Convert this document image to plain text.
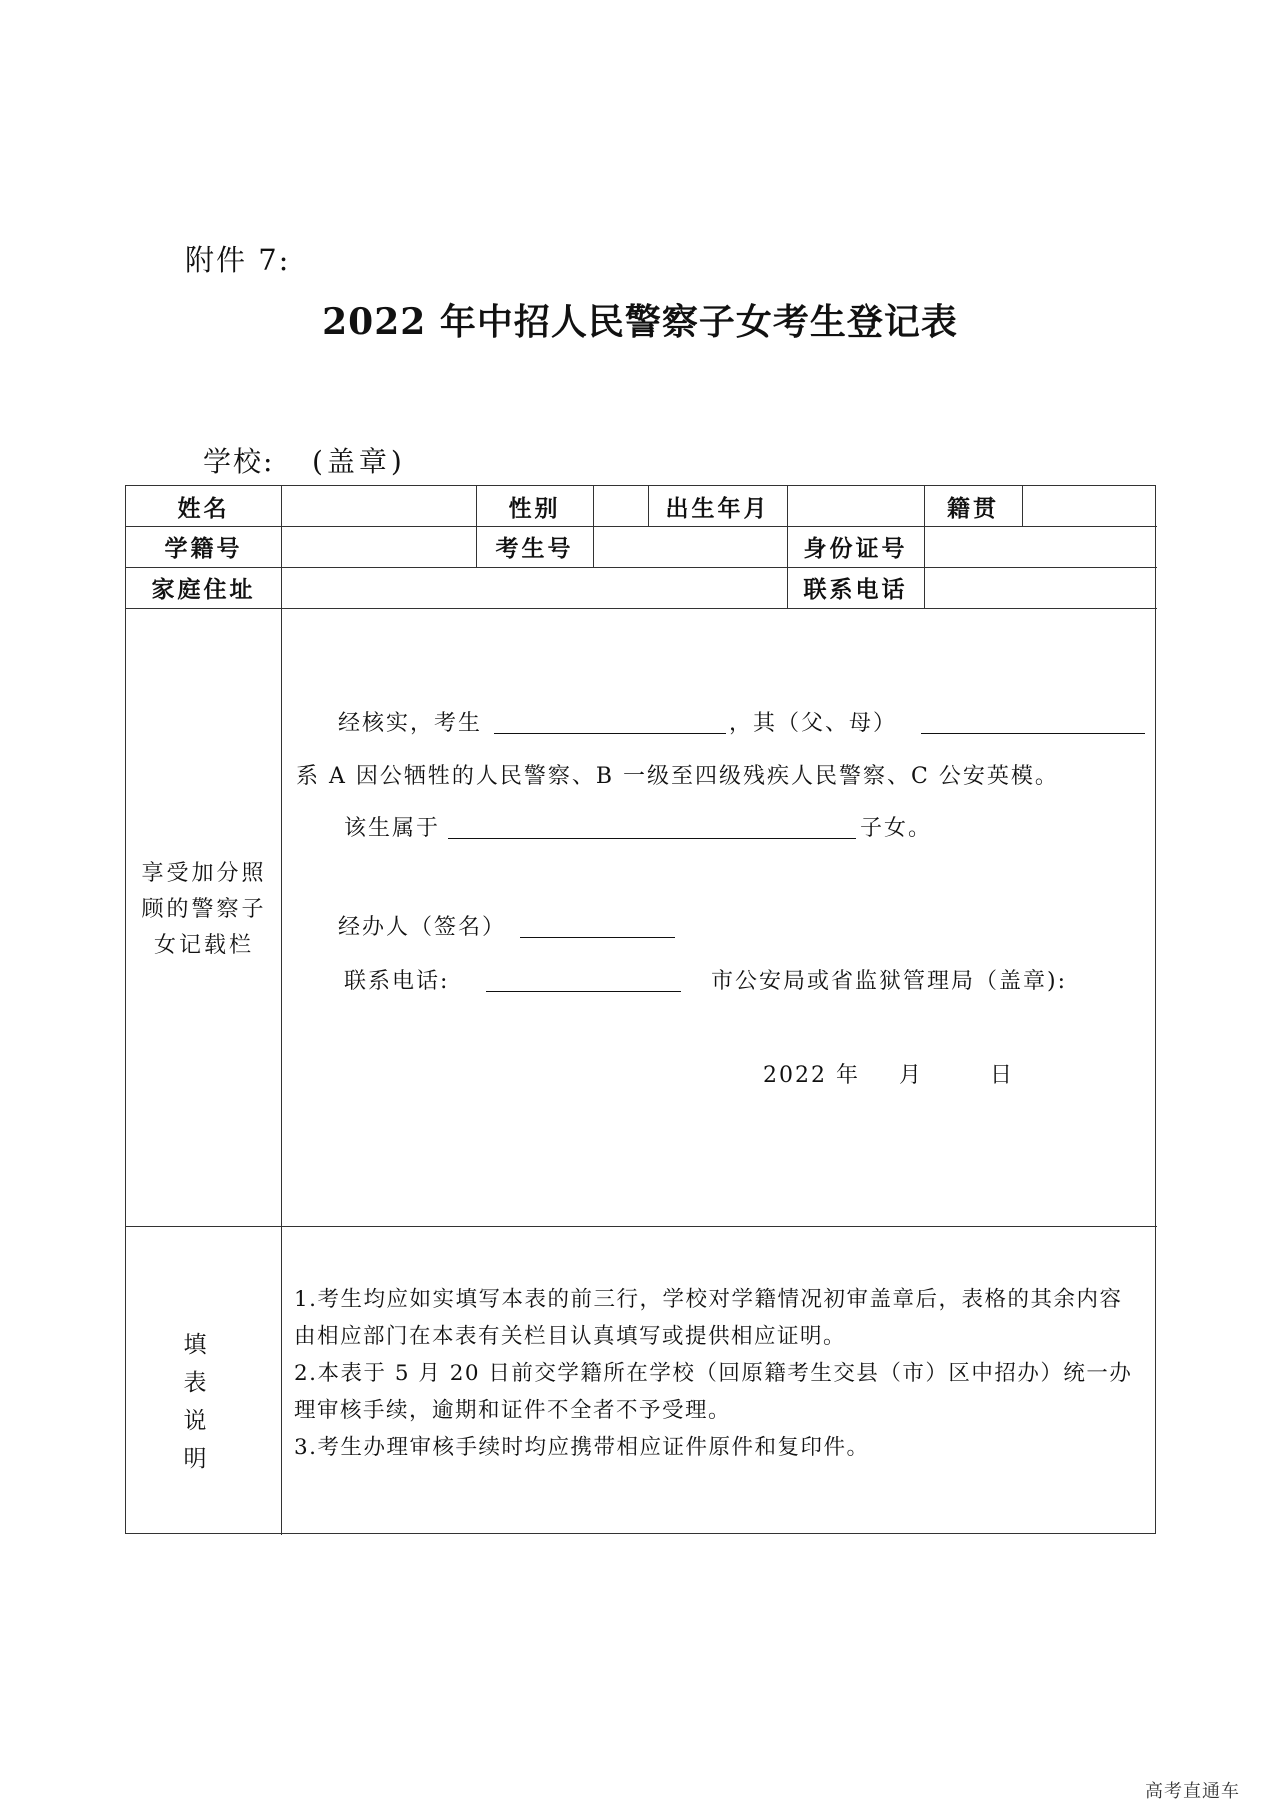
附件 7:
2022 年中招人民警察子女考生登记表
学校: (盖章)
姓名	性别	出生年月	籍贯
学籍号	考生号	身份证号
家庭住址	联系电话
享受加分照顾的警察子女记载栏
经核实，考生	，其（父、母）
系 A 因公牺牲的人民警察、B 一级至四级残疾人民警察、C 公安英模。
该生属于	子女。
经办人（签名）
联系电话:	市公安局或省监狱管理局（盖章):
2022 年 月	日
填 表 说 明

1.考生均应如实填写本表的前三行，学校对学籍情况初审盖章后，表格的其余内容由相应部门在本表有关栏目认真填写或提供相应证明。

2.本表于 5 月 20 日前交学籍所在学校（回原籍考生交县（市）区中招办）统一办理审核手续，逾期和证件不全者不予受理。

3.考生办理审核手续时均应携带相应证件原件和复印件。

高考直通车
